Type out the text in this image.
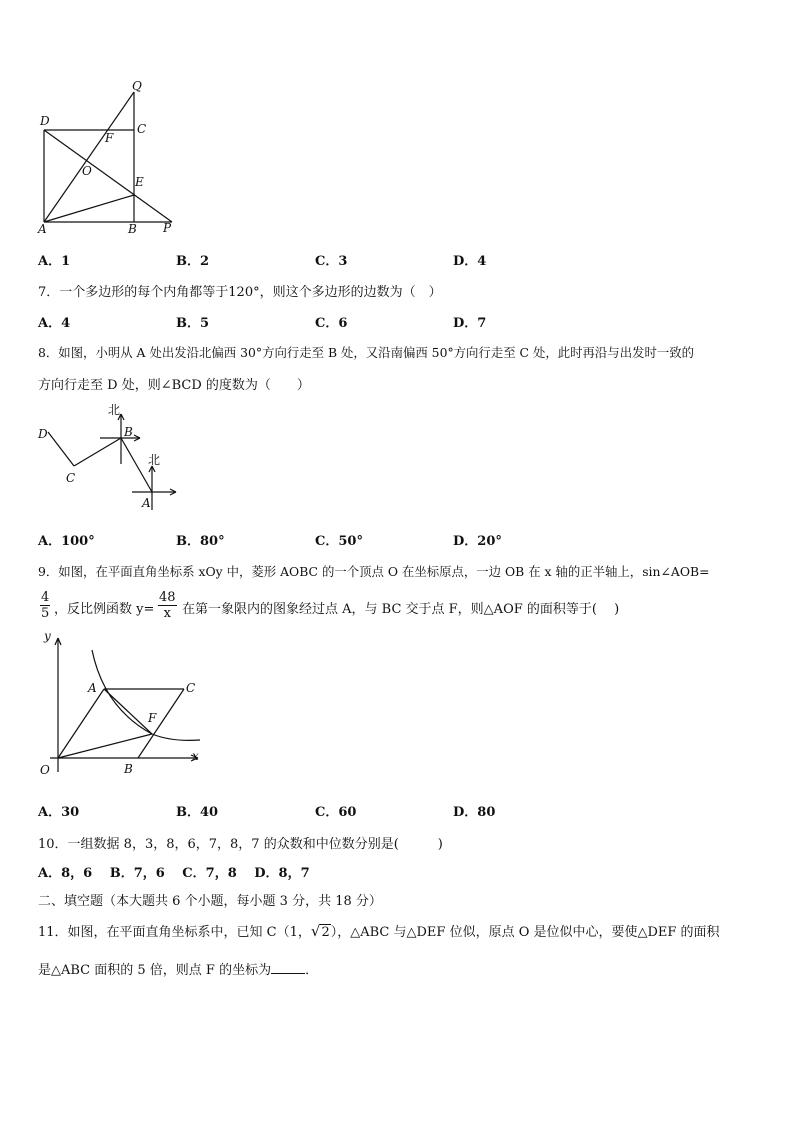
Q
D
C
F
O
E
A	B P
A．1	B．2	C．3	D．4
7．一个多边形的每个内角都等于120°，则这个多边形的边数为（　）
A．4	B．5	C．6	D．7
8．如图，小明从 A 处出发沿北偏西 30°方向行走至 B 处，又沿南偏西 50°方向行走至 C 处，此时再沿与出发时一致的
方向行走至 D 处，则∠BCD 的度数为（　　）
北
北
D
C
B
A
A．100°	B．80°	C．50°	D．20°
9．如图，在平面直角坐标系 xOy 中，菱形 AOBC 的一个顶点 O 在坐标原点，一边 OB 在 x 轴的正半轴上，sin∠AOB=
$\frac{4}{5}$ ，反比例函数 $y= \frac{48}{x}$ 在第一象限内的图象经过点 A，与 BC 交于点 F，则△AOF 的面积等于(　 )
y
x
A	C
F
O	B
A．30	B．40	C．60	D．80
10．一组数据 8，3，8，6，7，8，7 的众数和中位数分别是(　　　)
A．8，6　 B．7，6　 C．7，8　 D．8，7
二、填空题（本大题共 6 个小题，每小题 3 分，共 18 分）
11．如图，在平面直角坐标系中，已知 C（1，√2），△ABC 与△DEF 位似，原点 O 是位似中心，要使△DEF 的面积
是△ABC 面积的 5 倍，则点 F 的坐标为	．
